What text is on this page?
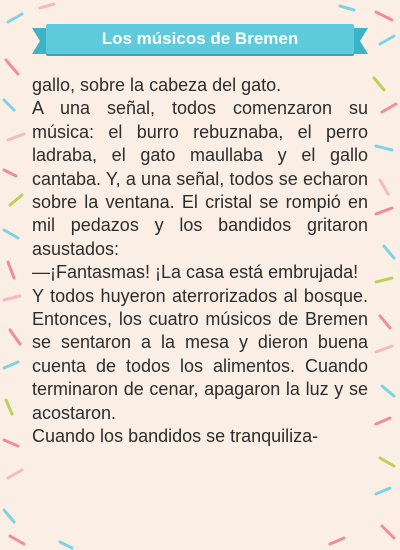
Los músicos de Bremen

gallo, sobre la cabeza del gato.

A una señal, todos comenzaron su música: el burro rebuznaba, el perro ladraba, el gato maullaba y el gallo cantaba. Y, a una señal, todos se echaron sobre la ventana. El cristal se rompió en mil pedazos y los bandidos gritaron asustados:

—¡Fantasmas! ¡La casa está embrujada!

Y todos huyeron aterrorizados al bosque. Entonces, los cuatro músicos de Bremen se sentaron a la mesa y dieron buena cuenta de todos los alimentos. Cuando terminaron de cenar, apagaron la luz y se acostaron.

Cuando los bandidos se tranquiliza-
